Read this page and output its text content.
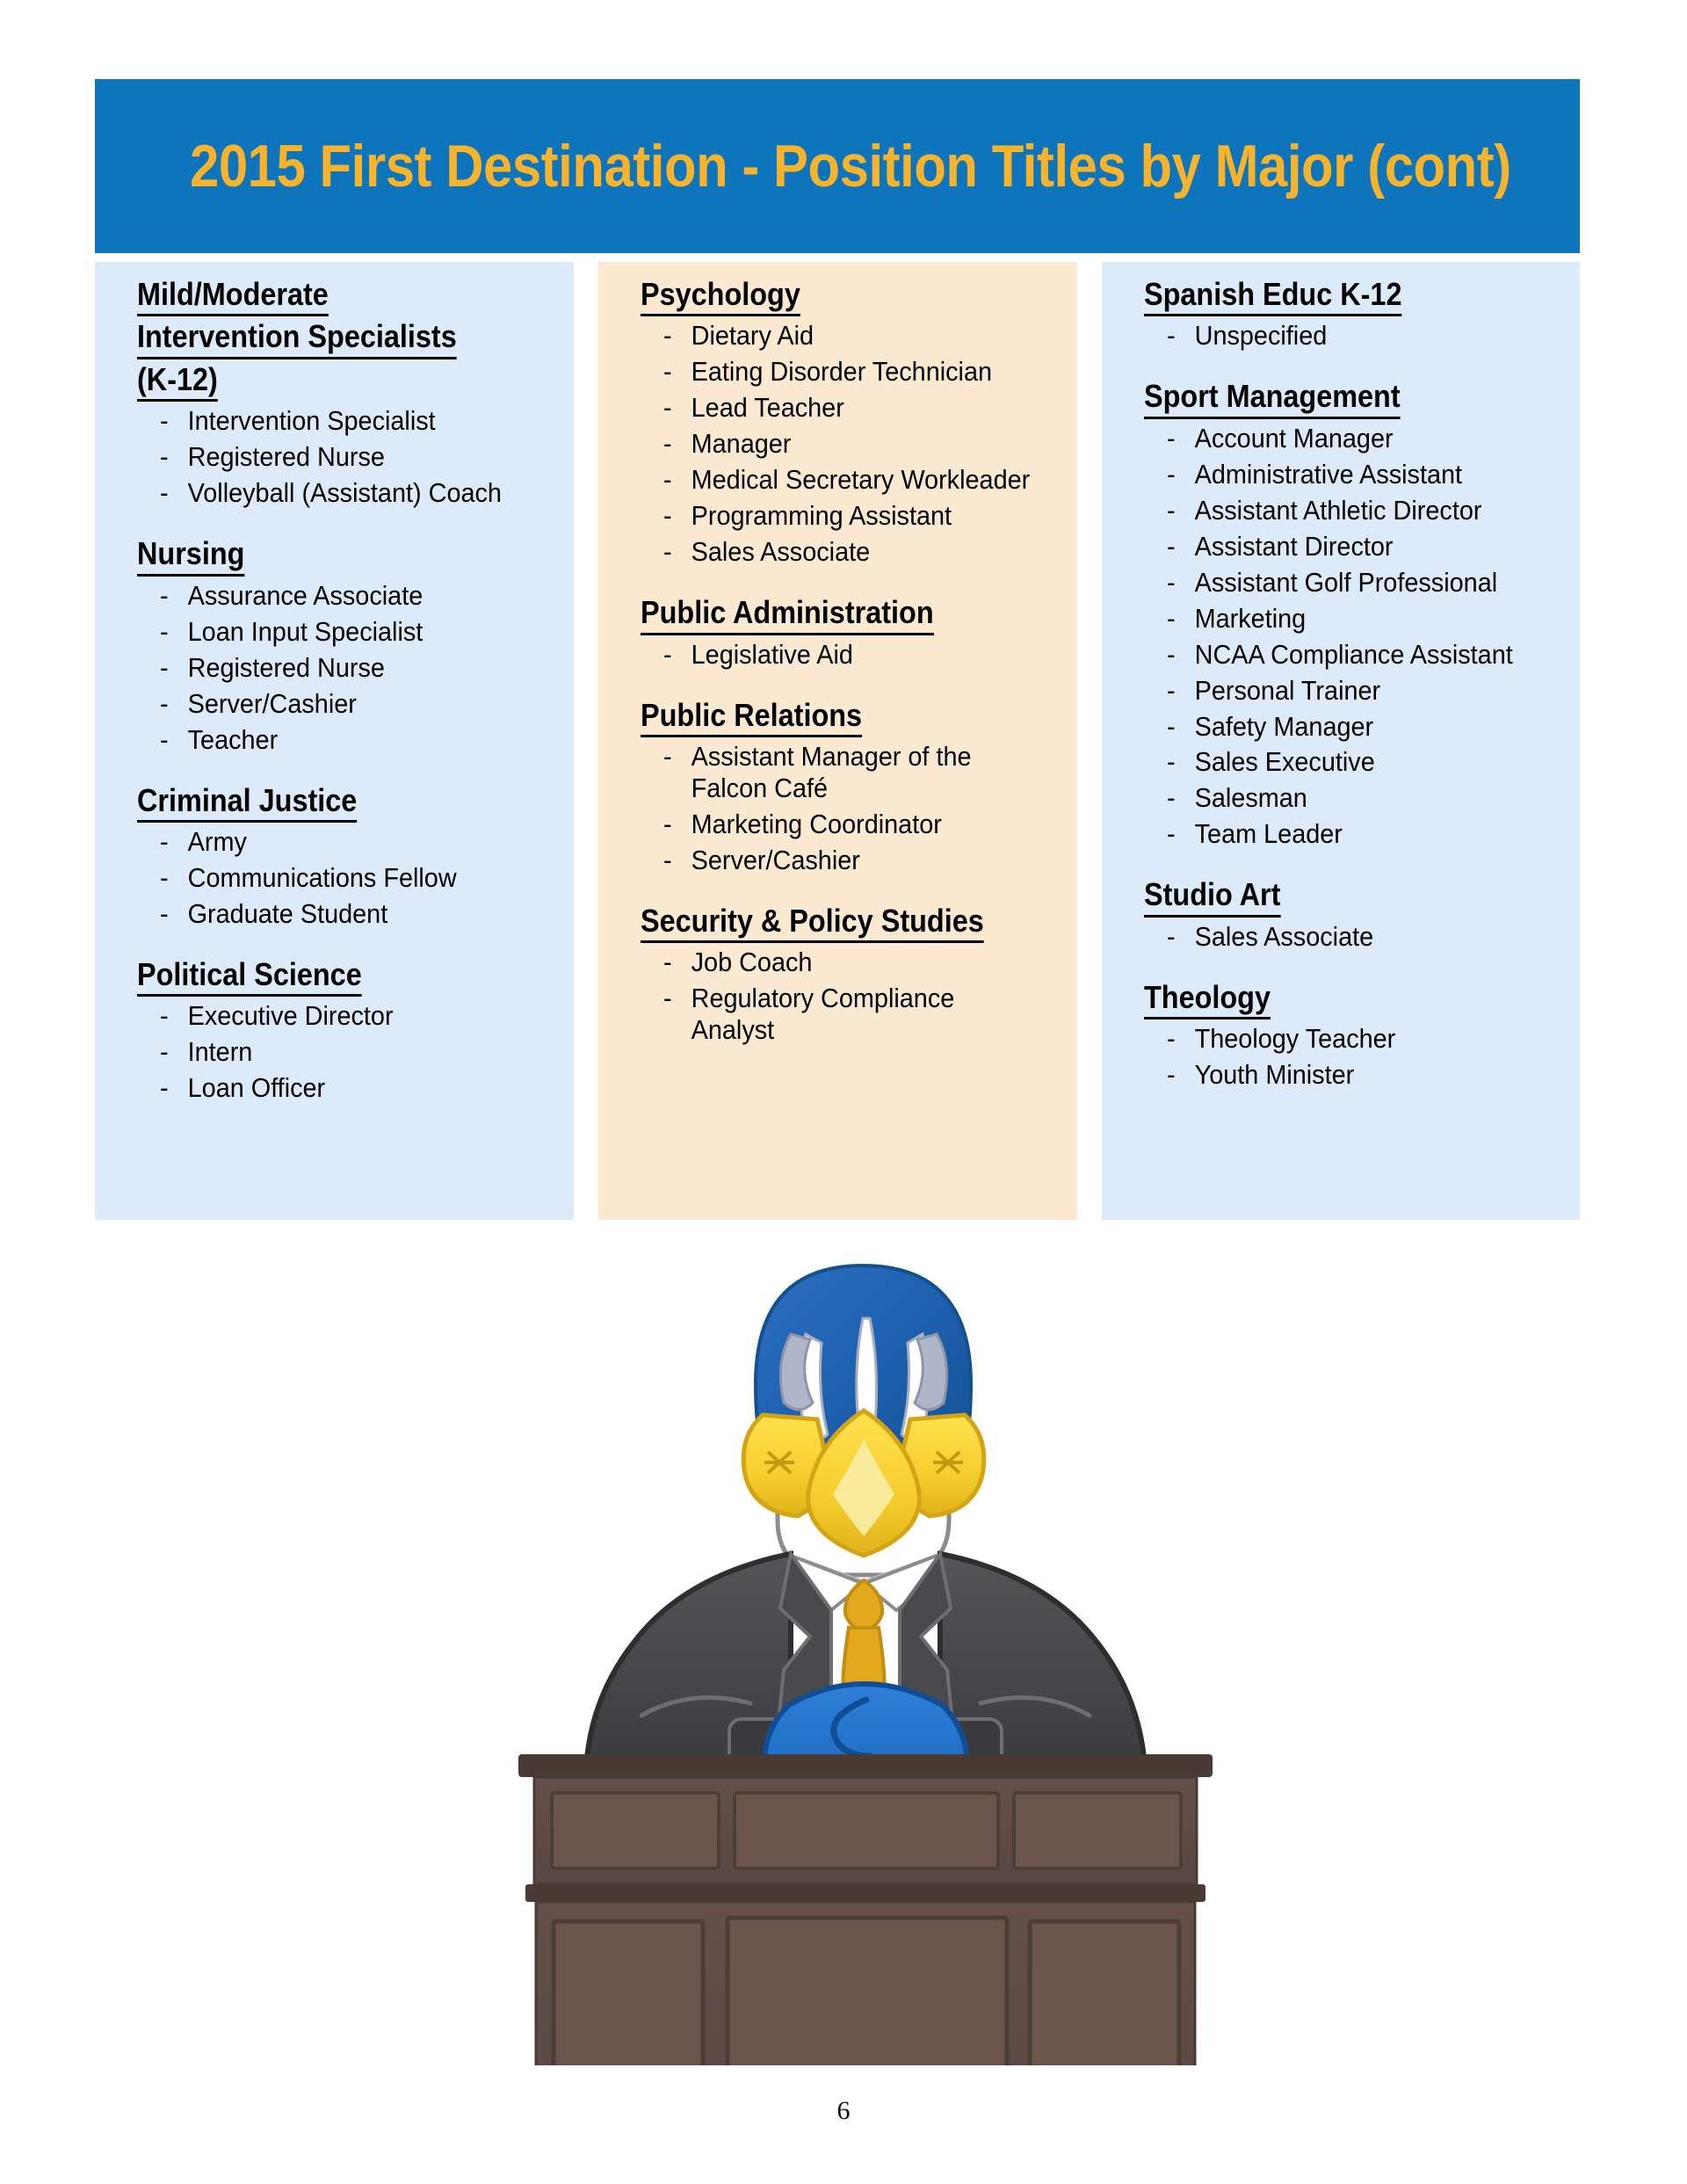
2015 First Destination - Position Titles by Major (cont)
Mild/Moderate
Intervention Specialists
(K-12)
- Intervention Specialist
- Registered Nurse
- Volleyball (Assistant) Coach
Nursing
- Assurance Associate
- Loan Input Specialist
- Registered Nurse
- Server/Cashier
- Teacher
Criminal Justice
- Army
- Communications Fellow
- Graduate Student
Political Science
- Executive Director
- Intern
- Loan Officer
Psychology
- Dietary Aid
- Eating Disorder Technician
- Lead Teacher
- Manager
- Medical Secretary Workleader
- Programming Assistant
- Sales Associate
Public Administration
- Legislative Aid
Public Relations
- Assistant Manager of the Falcon Café
- Marketing Coordinator
- Server/Cashier
Security & Policy Studies
- Job Coach
- Regulatory Compliance Analyst
Spanish Educ K-12
- Unspecified
Sport Management
- Account Manager
- Administrative Assistant
- Assistant Athletic Director
- Assistant Director
- Assistant Golf Professional
- Marketing
- NCAA Compliance Assistant
- Personal Trainer
- Safety Manager
- Sales Executive
- Salesman
- Team Leader
Studio Art
- Sales Associate
Theology
- Theology Teacher
- Youth Minister
6
